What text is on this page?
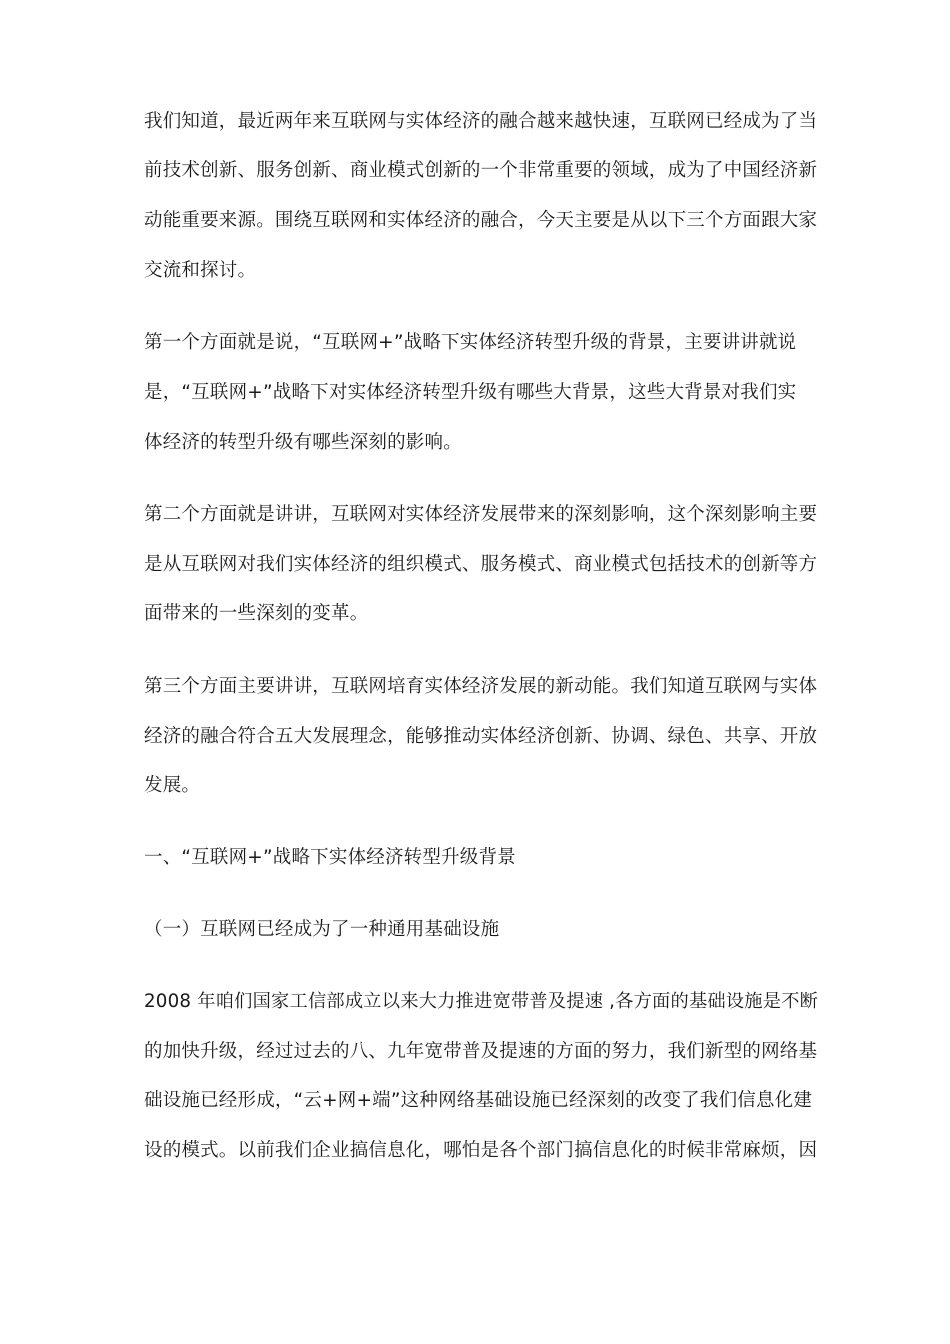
我们知道，最近两年来互联网与实体经济的融合越来越快速，互联网已经成为了当
前技术创新、服务创新、商业模式创新的一个非常重要的领域，成为了中国经济新
动能重要来源。围绕互联网和实体经济的融合，今天主要是从以下三个方面跟大家
交流和探讨。
第一个方面就是说，“互联网+”战略下实体经济转型升级的背景，主要讲讲就说
是，“互联网+”战略下对实体经济转型升级有哪些大背景，这些大背景对我们实
体经济的转型升级有哪些深刻的影响。
第二个方面就是讲讲，互联网对实体经济发展带来的深刻影响，这个深刻影响主要
是从互联网对我们实体经济的组织模式、服务模式、商业模式包括技术的创新等方
面带来的一些深刻的变革。
第三个方面主要讲讲，互联网培育实体经济发展的新动能。我们知道互联网与实体
经济的融合符合五大发展理念，能够推动实体经济创新、协调、绿色、共享、开放
发展。
一、“互联网+”战略下实体经济转型升级背景
（一）互联网已经成为了一种通用基础设施
2008 年咱们国家工信部成立以来大力推进宽带普及提速 ,各方面的基础设施是不断
的加快升级，经过过去的八、九年宽带普及提速的方面的努力，我们新型的网络基
础设施已经形成，“云+网+端”这种网络基础设施已经深刻的改变了我们信息化建
设的模式。以前我们企业搞信息化，哪怕是各个部门搞信息化的时候非常麻烦，因
